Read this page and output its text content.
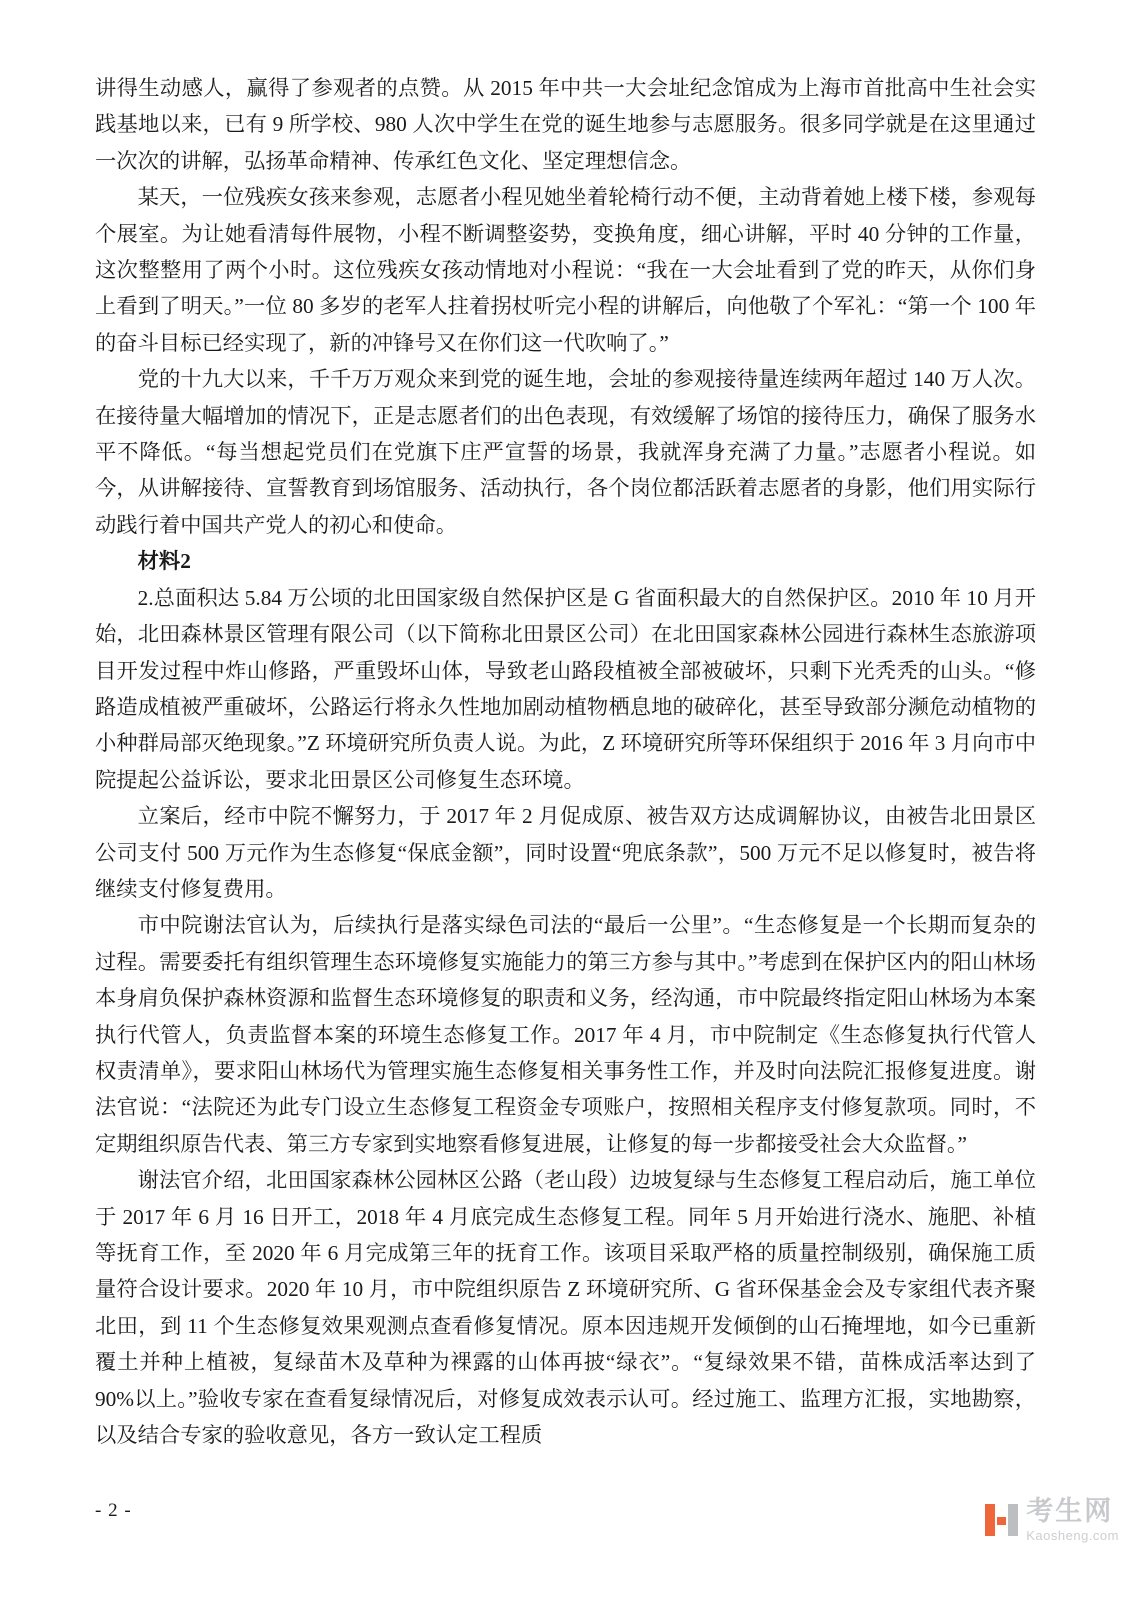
讲得生动感人，赢得了参观者的点赞。从 2015 年中共一大会址纪念馆成为上海市首批高中生社会实践基地以来，已有 9 所学校、980 人次中学生在党的诞生地参与志愿服务。很多同学就是在这里通过一次次的讲解，弘扬革命精神、传承红色文化、坚定理想信念。

某天，一位残疾女孩来参观，志愿者小程见她坐着轮椅行动不便，主动背着她上楼下楼，参观每个展室。为让她看清每件展物，小程不断调整姿势，变换角度，细心讲解，平时 40 分钟的工作量，这次整整用了两个小时。这位残疾女孩动情地对小程说：“我在一大会址看到了党的昨天，从你们身上看到了明天。”一位 80 多岁的老军人拄着拐杖听完小程的讲解后，向他敬了个军礼：“第一个 100 年的奋斗目标已经实现了，新的冲锋号又在你们这一代吹响了。”

党的十九大以来，千千万万观众来到党的诞生地，会址的参观接待量连续两年超过 140 万人次。在接待量大幅增加的情况下，正是志愿者们的出色表现，有效缓解了场馆的接待压力，确保了服务水平不降低。“每当想起党员们在党旗下庄严宣誓的场景，我就浑身充满了力量。”志愿者小程说。如今，从讲解接待、宣誓教育到场馆服务、活动执行，各个岗位都活跃着志愿者的身影，他们用实际行动践行着中国共产党人的初心和使命。

材料2

2.总面积达 5.84 万公顷的北田国家级自然保护区是 G 省面积最大的自然保护区。2010 年 10 月开始，北田森林景区管理有限公司（以下简称北田景区公司）在北田国家森林公园进行森林生态旅游项目开发过程中炸山修路，严重毁坏山体，导致老山路段植被全部被破坏，只剩下光秃秃的山头。“修路造成植被严重破坏，公路运行将永久性地加剧动植物栖息地的破碎化，甚至导致部分濒危动植物的小种群局部灭绝现象。”Z 环境研究所负责人说。为此，Z 环境研究所等环保组织于 2016 年 3 月向市中院提起公益诉讼，要求北田景区公司修复生态环境。

立案后，经市中院不懈努力，于 2017 年 2 月促成原、被告双方达成调解协议，由被告北田景区公司支付 500 万元作为生态修复“保底金额”，同时设置“兜底条款”，500 万元不足以修复时，被告将继续支付修复费用。

市中院谢法官认为，后续执行是落实绿色司法的“最后一公里”。“生态修复是一个长期而复杂的过程。需要委托有组织管理生态环境修复实施能力的第三方参与其中。”考虑到在保护区内的阳山林场本身肩负保护森林资源和监督生态环境修复的职责和义务，经沟通，市中院最终指定阳山林场为本案执行代管人，负责监督本案的环境生态修复工作。2017 年 4 月，市中院制定《生态修复执行代管人权责清单》，要求阳山林场代为管理实施生态修复相关事务性工作，并及时向法院汇报修复进度。谢法官说：“法院还为此专门设立生态修复工程资金专项账户，按照相关程序支付修复款项。同时，不定期组织原告代表、第三方专家到实地察看修复进展，让修复的每一步都接受社会大众监督。”

谢法官介绍，北田国家森林公园林区公路（老山段）边坡复绿与生态修复工程启动后，施工单位于 2017 年 6 月 16 日开工，2018 年 4 月底完成生态修复工程。同年 5 月开始进行浇水、施肥、补植等抚育工作，至 2020 年 6 月完成第三年的抚育工作。该项目采取严格的质量控制级别，确保施工质量符合设计要求。2020 年 10 月，市中院组织原告 Z 环境研究所、G 省环保基金会及专家组代表齐聚北田，到 11 个生态修复效果观测点查看修复情况。原本因违规开发倾倒的山石掩埋地，如今已重新覆土并种上植被，复绿苗木及草种为裸露的山体再披“绿衣”。“复绿效果不错，苗株成活率达到了 90%以上。”验收专家在查看复绿情况后，对修复成效表示认可。经过施工、监理方汇报，实地勘察，以及结合专家的验收意见，各方一致认定工程质

- 2 -	考生网
Kaosheng.com
